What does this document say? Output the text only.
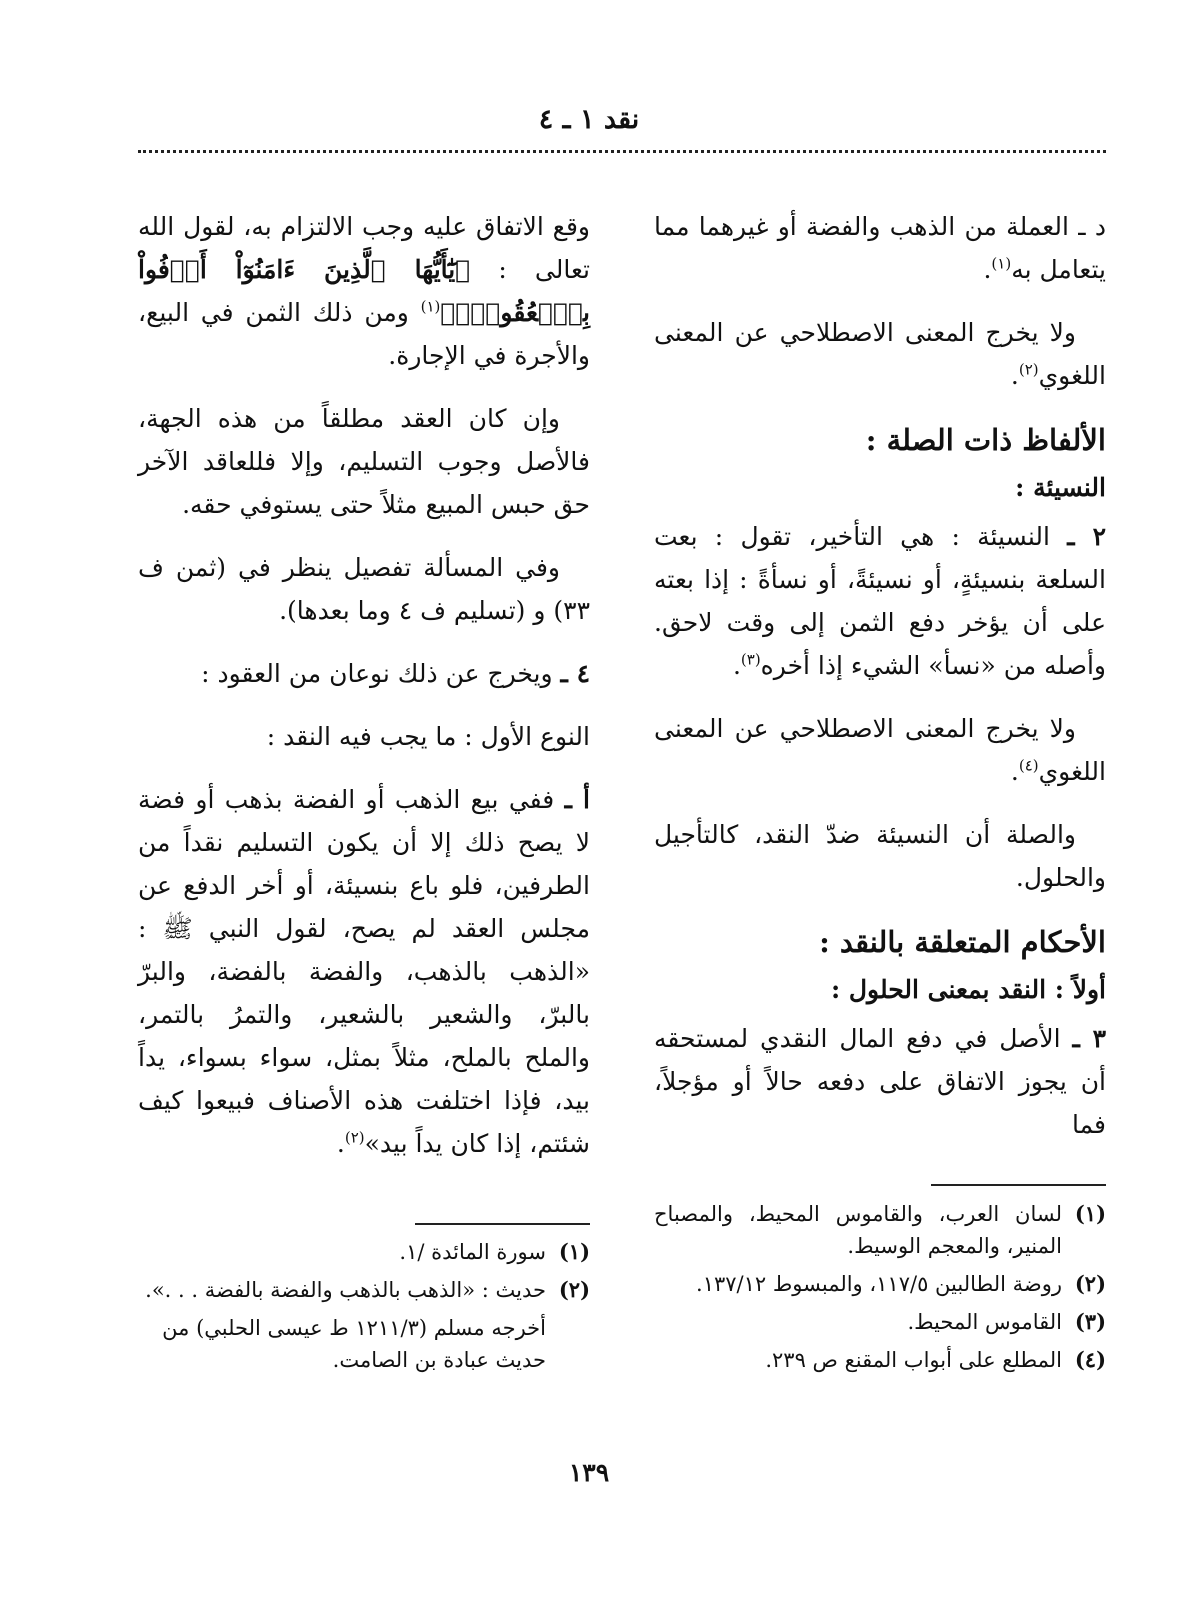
نقد ١ ـ ٤

د ـ العملة من الذهب والفضة أو غيرهما مما يتعامل به$^{(١)}$.

ولا يخرج المعنى الاصطلاحي عن المعنى اللغوي$^{(٢)}$.

الألفاظ ذات الصلة :
النسيئة :

٢ ـ النسيئة : هي التأخير، تقول : بعت السلعة بنسيئةٍ، أو نسيئةً، أو نسأةً : إذا بعته على أن يؤخر دفع الثمن إلى وقت لاحق. وأصله من «نسأ» الشيء إذا أخره$^{(٣)}$.

ولا يخرج المعنى الاصطلاحي عن المعنى اللغوي$^{(٤)}$.

والصلة أن النسيئة ضدّ النقد، كالتأجيل والحلول.

الأحكام المتعلقة بالنقد :
أولاً : النقد بمعنى الحلول :

٣ ـ الأصل في دفع المال النقدي لمستحقه أن يجوز الاتفاق على دفعه حالاً أو مؤجلاً، فما

وقع الاتفاق عليه وجب الالتزام به، لقول الله تعالى : ﴿يَٰٓأَيُّهَا ٱلَّذِينَ ءَامَنُوٓاْ أَوۡفُواْ بِٱلۡعُقُودِۚ﴾$^{(١)}$ ومن ذلك الثمن في البيع، والأجرة في الإجارة.

وإن كان العقد مطلقاً من هذه الجهة، فالأصل وجوب التسليم، وإلا فللعاقد الآخر حق حبس المبيع مثلاً حتى يستوفي حقه.

وفي المسألة تفصيل ينظر في (ثمن ف ٣٣) و (تسليم ف ٤ وما بعدها).

٤ ـ ويخرج عن ذلك نوعان من العقود :

النوع الأول : ما يجب فيه النقد :

أ ـ ففي بيع الذهب أو الفضة بذهب أو فضة لا يصح ذلك إلا أن يكون التسليم نقداً من الطرفين، فلو باع بنسيئة، أو أخر الدفع عن مجلس العقد لم يصح، لقول النبي ﷺ : «الذهب بالذهب، والفضة بالفضة، والبرّ بالبرّ، والشعير بالشعير، والتمرُ بالتمر، والملح بالملح، مثلاً بمثل، سواء بسواء، يداً بيد، فإذا اختلفت هذه الأصناف فبيعوا كيف شئتم، إذا كان يداً بيد»$^{(٢)}$.

(١)
لسان العرب، والقاموس المحيط، والمصباح المنير، والمعجم الوسيط.
(٢)
روضة الطالبين ١١٧/٥، والمبسوط ١٣٧/١٢.
(٣)
القاموس المحيط.
(٤)
المطلع على أبواب المقنع ص ٢٣٩.
(١)
سورة المائدة /١.
(٢)
حديث : «الذهب بالذهب والفضة بالفضة . . .».
أخرجه مسلم (١٢١١/٣ ط عيسى الحلبي) من حديث عبادة بن الصامت.
١٣٩
